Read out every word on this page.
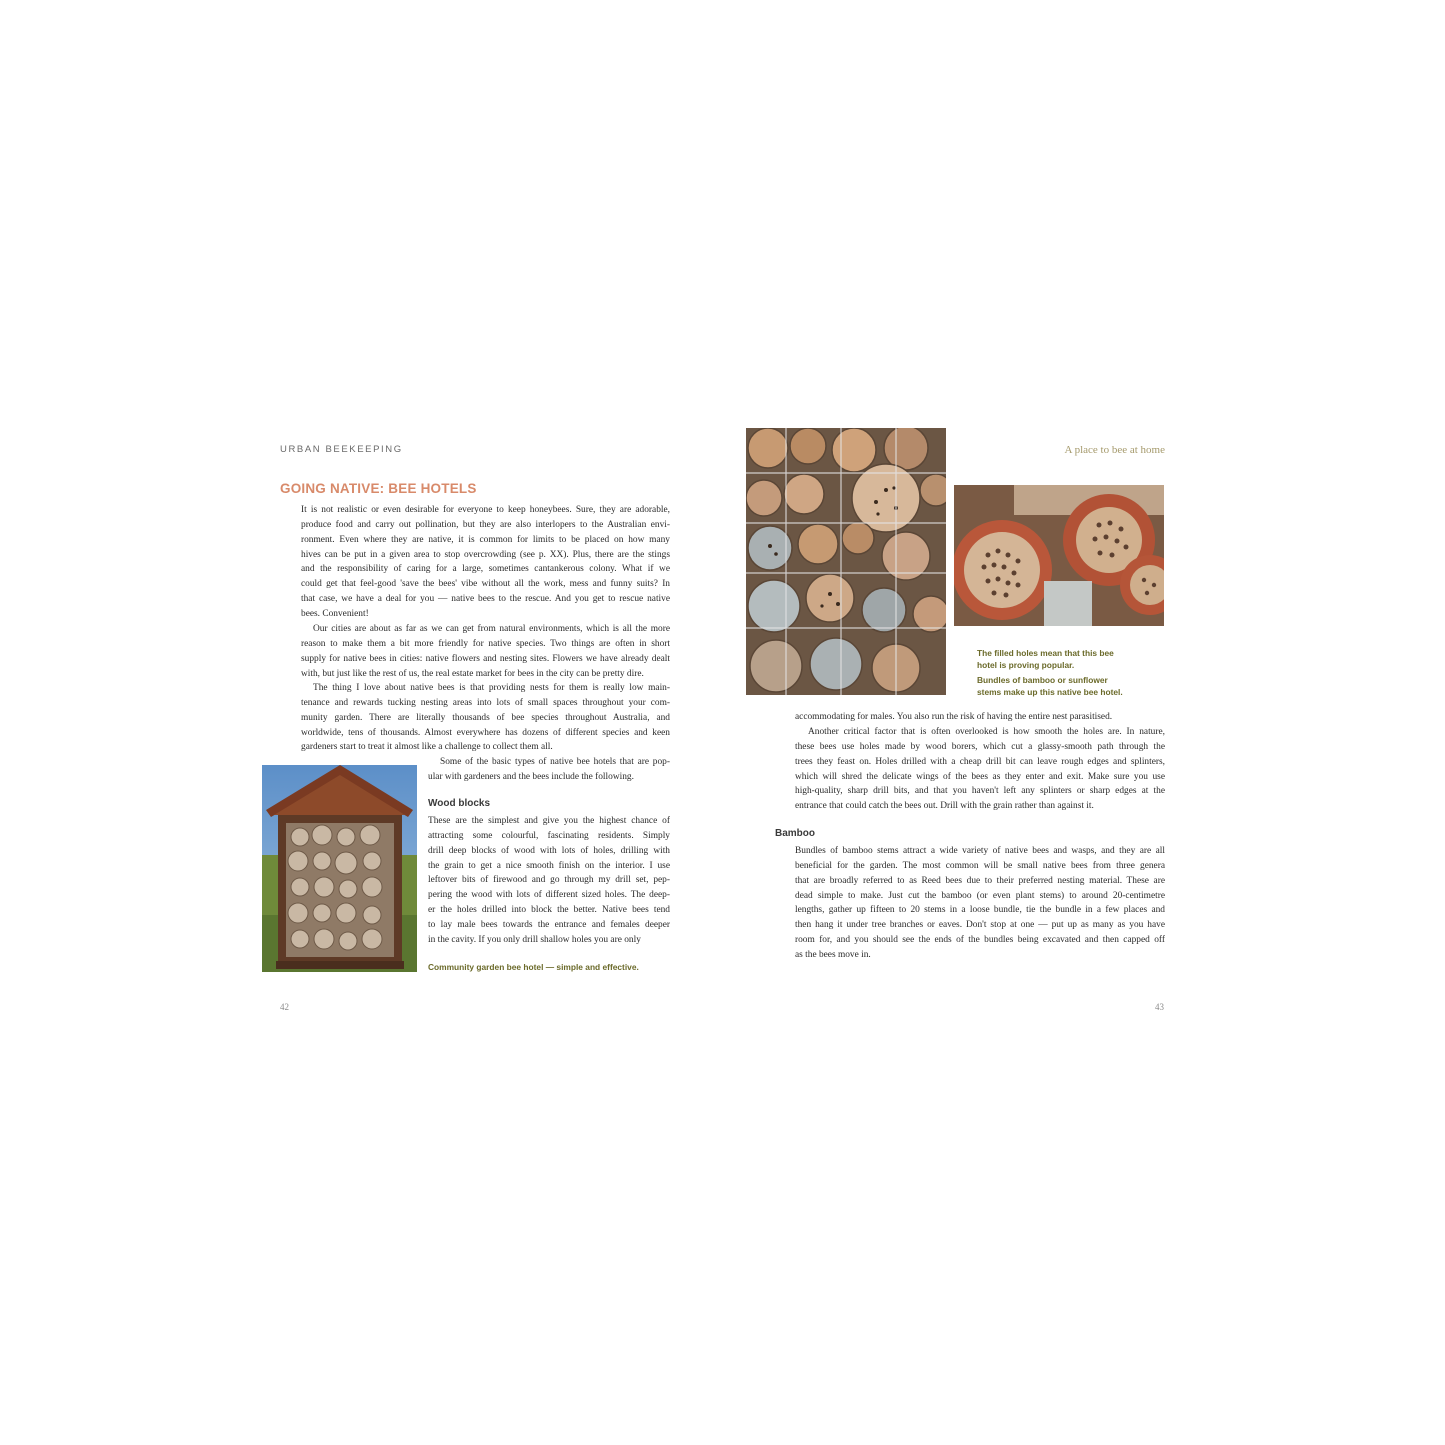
URBAN BEEKEEPING
GOING NATIVE: BEE HOTELS
It is not realistic or even desirable for everyone to keep honeybees. Sure, they are adorable,
produce food and carry out pollination, but they are also interlopers to the Australian envi-
ronment. Even where they are native, it is common for limits to be placed on how many
hives can be put in a given area to stop overcrowding (see p. XX). Plus, there are the stings
and the responsibility of caring for a large, sometimes cantankerous colony. What if we
could get that feel-good 'save the bees' vibe without all the work, mess and funny suits? In
that case, we have a deal for you — native bees to the rescue. And you get to rescue native
bees. Convenient!
Our cities are about as far as we can get from natural environments, which is all the more
reason to make them a bit more friendly for native species. Two things are often in short
supply for native bees in cities: native flowers and nesting sites. Flowers we have already dealt
with, but just like the rest of us, the real estate market for bees in the city can be pretty dire.
The thing I love about native bees is that providing nests for them is really low main-
tenance and rewards tucking nesting areas into lots of small spaces throughout your com-
munity garden. There are literally thousands of bee species throughout Australia, and
worldwide, tens of thousands. Almost everywhere has dozens of different species and keen
gardeners start to treat it almost like a challenge to collect them all.
Some of the basic types of native bee hotels that are pop-
ular with gardeners and the bees include the following.
Wood blocks
These are the simplest and give you the highest chance of
attracting some colourful, fascinating residents. Simply
drill deep blocks of wood with lots of holes, drilling with
the grain to get a nice smooth finish on the interior. I use
leftover bits of firewood and go through my drill set, pep-
pering the wood with lots of different sized holes. The deep-
er the holes drilled into block the better. Native bees tend
to lay male bees towards the entrance and females deeper
in the cavity. If you only drill shallow holes you are only
Community garden bee hotel — simple and effective.
42
A place to bee at home
The filled holes mean that this bee
hotel is proving popular.
Bundles of bamboo or sunflower
stems make up this native bee hotel.
accommodating for males. You also run the risk of having the entire nest parasitised.
Another critical factor that is often overlooked is how smooth the holes are. In nature,
these bees use holes made by wood borers, which cut a glassy-smooth path through the
trees they feast on. Holes drilled with a cheap drill bit can leave rough edges and splinters,
which will shred the delicate wings of the bees as they enter and exit. Make sure you use
high-quality, sharp drill bits, and that you haven't left any splinters or sharp edges at the
entrance that could catch the bees out. Drill with the grain rather than against it.
Bamboo
Bundles of bamboo stems attract a wide variety of native bees and wasps, and they are all
beneficial for the garden. The most common will be small native bees from three genera
that are broadly referred to as Reed bees due to their preferred nesting material. These are
dead simple to make. Just cut the bamboo (or even plant stems) to around 20-centimetre
lengths, gather up fifteen to 20 stems in a loose bundle, tie the bundle in a few places and
then hang it under tree branches or eaves. Don't stop at one — put up as many as you have
room for, and you should see the ends of the bundles being excavated and then capped off
as the bees move in.
43
